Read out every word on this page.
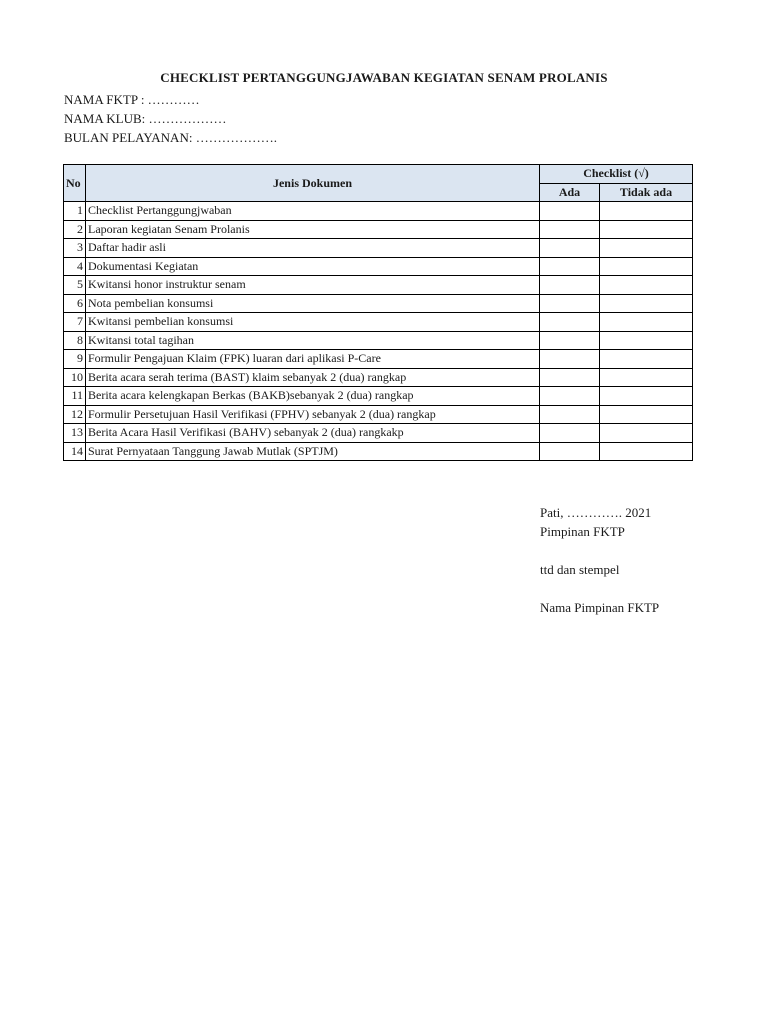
CHECKLIST PERTANGGUNGJAWABAN KEGIATAN SENAM PROLANIS
NAMA FKTP : …………
NAMA KLUB: ………………
BULAN PELAYANAN: ……………….
No	Jenis Dokumen	Checklist (√)	
		Ada	Tidak ada
1	Checklist Pertanggungjwaban		
2	Laporan kegiatan Senam Prolanis		
3	Daftar hadir asli		
4	Dokumentasi Kegiatan		
5	Kwitansi honor instruktur senam		
6	Nota pembelian konsumsi		
7	Kwitansi pembelian konsumsi		
8	Kwitansi total tagihan		
9	Formulir Pengajuan Klaim (FPK) luaran dari aplikasi P-Care		
10	Berita acara serah terima (BAST) klaim sebanyak 2 (dua) rangkap		
11	Berita acara kelengkapan Berkas (BAKB)sebanyak 2 (dua) rangkap		
12	Formulir Persetujuan Hasil Verifikasi (FPHV) sebanyak 2 (dua) rangkap		
13	Berita Acara Hasil Verifikasi (BAHV) sebanyak 2 (dua) rangkakp		
14	Surat Pernyataan Tanggung Jawab Mutlak (SPTJM)		
Pati, …………. 2021
Pimpinan FKTP
ttd dan stempel
Nama Pimpinan FKTP
